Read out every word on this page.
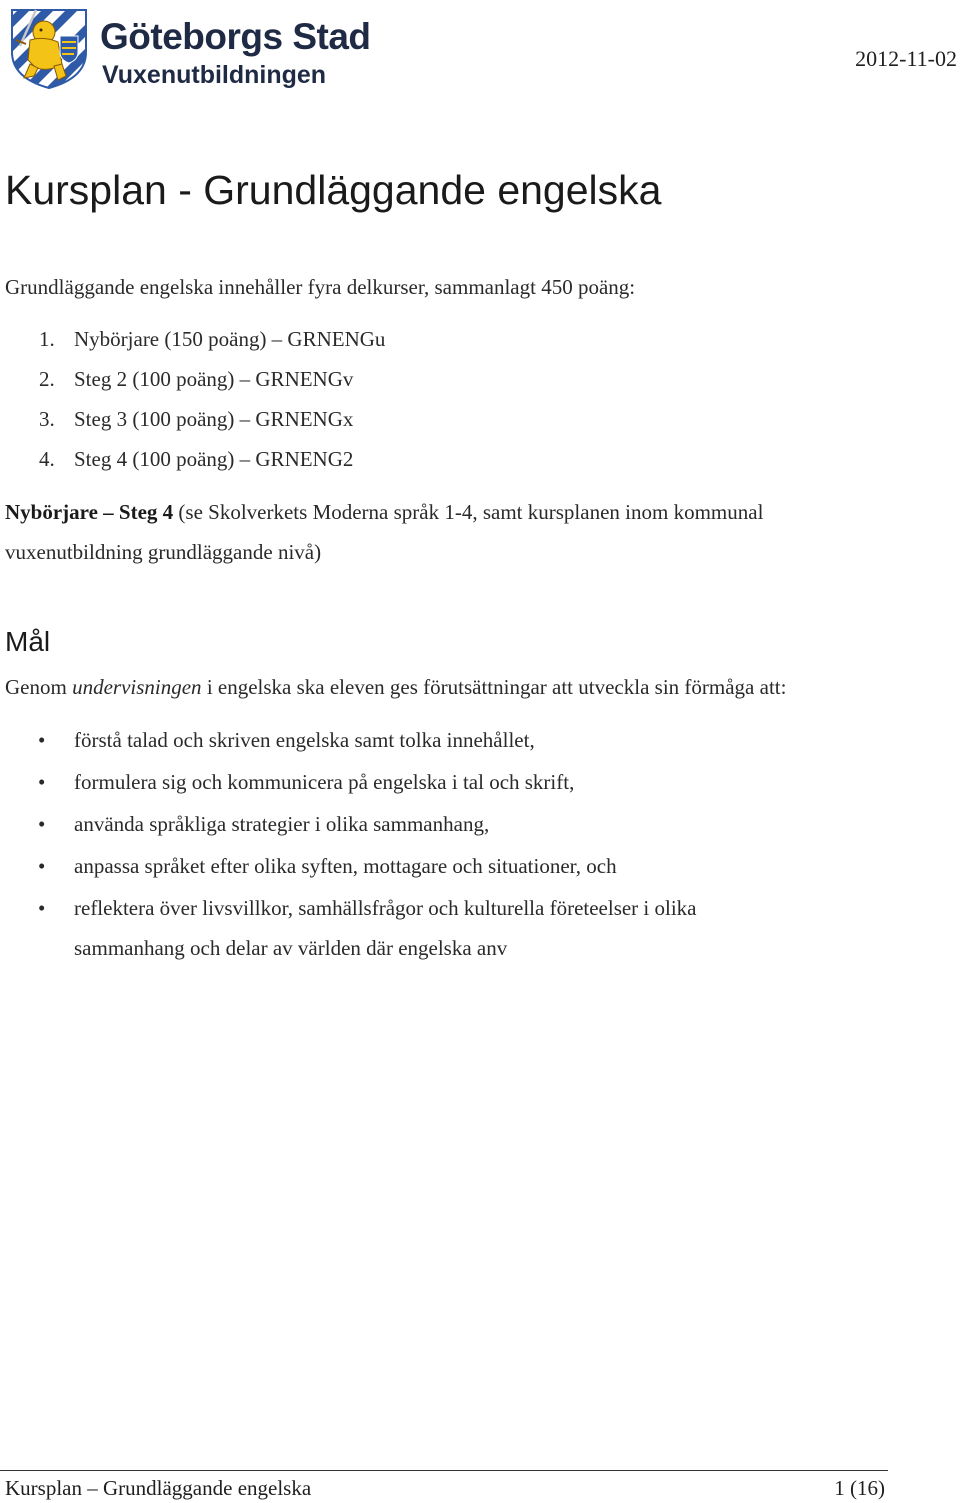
Göteborgs Stad
Vuxenutbildningen
2012-11-02
Kursplan - Grundläggande engelska
Grundläggande engelska innehåller fyra delkurser, sammanlagt 450 poäng:
1. Nybörjare (150 poäng) – GRNENGu
2. Steg 2 (100 poäng) – GRNENGv
3. Steg 3 (100 poäng) – GRNENGx
4. Steg 4 (100 poäng) – GRNENG2
Nybörjare – Steg 4 (se Skolverkets Moderna språk 1-4, samt kursplanen inom kommunal vuxenutbildning grundläggande nivå)
Mål
Genom undervisningen i engelska ska eleven ges förutsättningar att utveckla sin förmåga att:
• förstå talad och skriven engelska samt tolka innehållet,
• formulera sig och kommunicera på engelska i tal och skrift,
• använda språkliga strategier i olika sammanhang,
• anpassa språket efter olika syften, mottagare och situationer, och
• reflektera över livsvillkor, samhällsfrågor och kulturella företeelser i olika sammanhang och delar av världen där engelska anv
Kursplan – Grundläggande engelska	1 (16)
